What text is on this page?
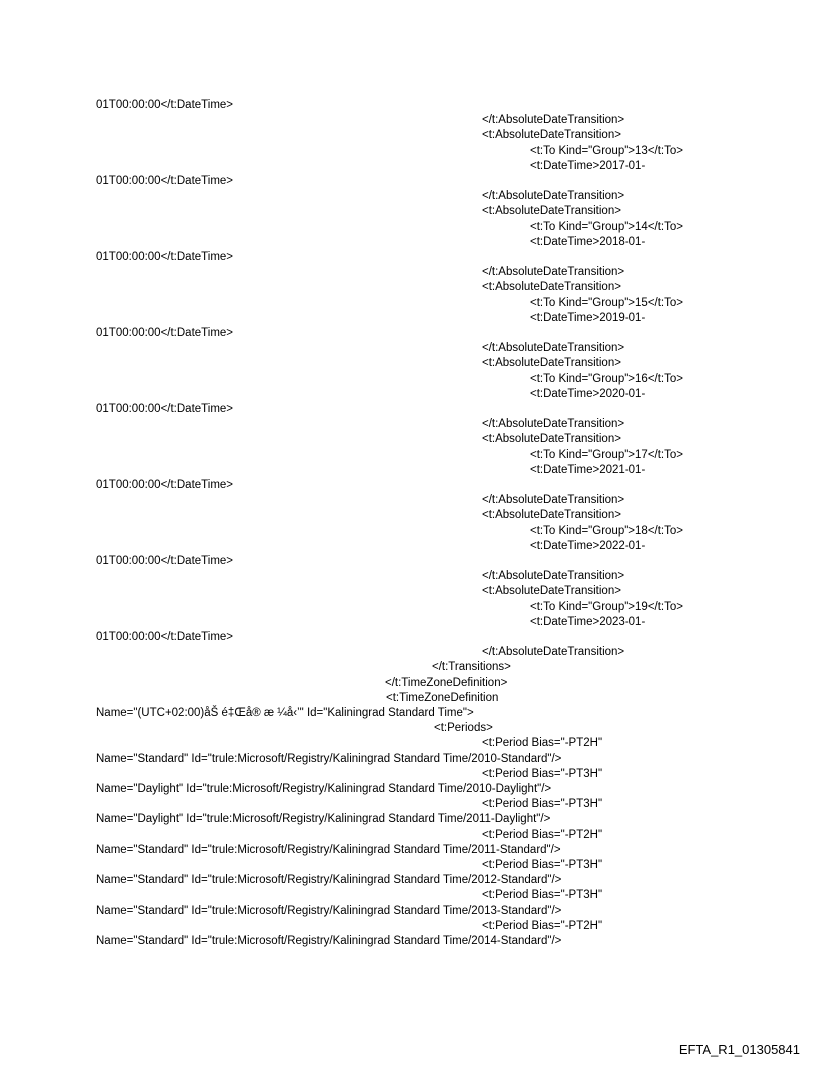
01T00:00:00</t:DateTime>
</t:AbsoluteDateTransition>
<t:AbsoluteDateTransition>
<t:To Kind="Group">13</t:To>
<t:DateTime>2017-01-
01T00:00:00</t:DateTime>
</t:AbsoluteDateTransition>
<t:AbsoluteDateTransition>
<t:To Kind="Group">14</t:To>
<t:DateTime>2018-01-
01T00:00:00</t:DateTime>
</t:AbsoluteDateTransition>
<t:AbsoluteDateTransition>
<t:To Kind="Group">15</t:To>
<t:DateTime>2019-01-
01T00:00:00</t:DateTime>
</t:AbsoluteDateTransition>
<t:AbsoluteDateTransition>
<t:To Kind="Group">16</t:To>
<t:DateTime>2020-01-
01T00:00:00</t:DateTime>
</t:AbsoluteDateTransition>
<t:AbsoluteDateTransition>
<t:To Kind="Group">17</t:To>
<t:DateTime>2021-01-
01T00:00:00</t:DateTime>
</t:AbsoluteDateTransition>
<t:AbsoluteDateTransition>
<t:To Kind="Group">18</t:To>
<t:DateTime>2022-01-
01T00:00:00</t:DateTime>
</t:AbsoluteDateTransition>
<t:AbsoluteDateTransition>
<t:To Kind="Group">19</t:To>
<t:DateTime>2023-01-
01T00:00:00</t:DateTime>
</t:AbsoluteDateTransition>
</t:Transitions>
</t:TimeZoneDefinition>
<t:TimeZoneDefinition
Name="(UTC+02:00)åŠ é‡Œå® æ ¼å‹’" Id="Kaliningrad Standard Time">
<t:Periods>
<t:Period Bias="-PT2H"
Name="Standard" Id="trule:Microsoft/Registry/Kaliningrad Standard Time/2010-Standard"/>
<t:Period Bias="-PT3H"
Name="Daylight" Id="trule:Microsoft/Registry/Kaliningrad Standard Time/2010-Daylight"/>
<t:Period Bias="-PT3H"
Name="Daylight" Id="trule:Microsoft/Registry/Kaliningrad Standard Time/2011-Daylight"/>
<t:Period Bias="-PT2H"
Name="Standard" Id="trule:Microsoft/Registry/Kaliningrad Standard Time/2011-Standard"/>
<t:Period Bias="-PT3H"
Name="Standard" Id="trule:Microsoft/Registry/Kaliningrad Standard Time/2012-Standard"/>
<t:Period Bias="-PT3H"
Name="Standard" Id="trule:Microsoft/Registry/Kaliningrad Standard Time/2013-Standard"/>
<t:Period Bias="-PT2H"
Name="Standard" Id="trule:Microsoft/Registry/Kaliningrad Standard Time/2014-Standard"/>
EFTA_R1_01305841
